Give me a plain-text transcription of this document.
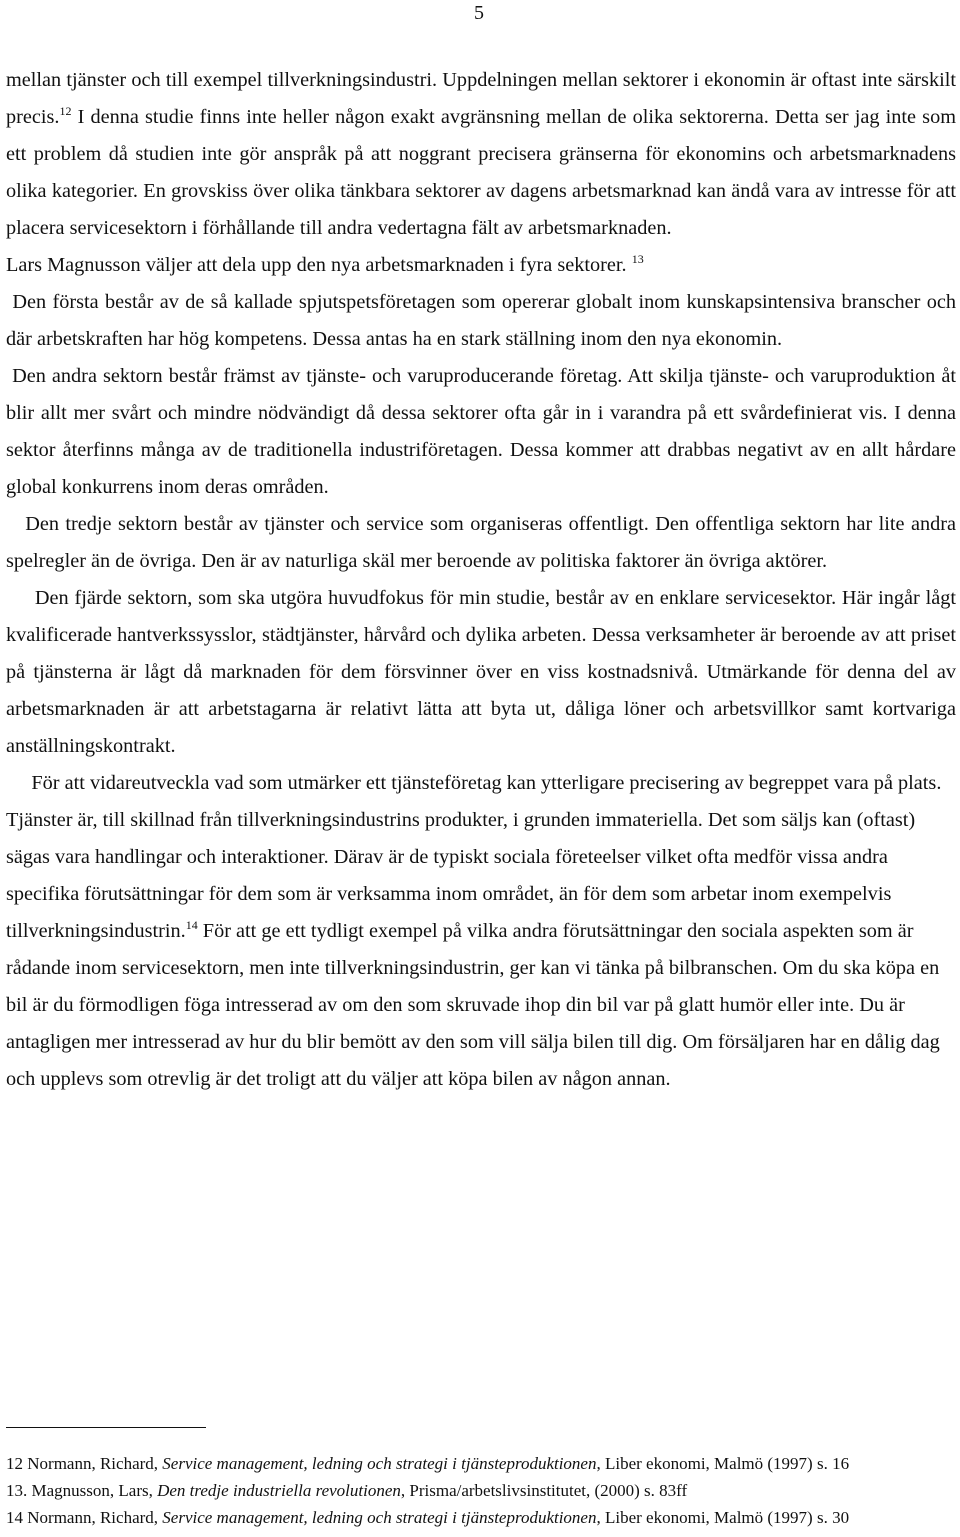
5

mellan tjänster och till exempel tillverkningsindustri. Uppdelningen mellan sektorer i ekonomin är oftast inte särskilt precis.$^{12}$ I denna studie finns inte heller någon exakt avgränsning mellan de olika sektorerna. Detta ser jag inte som ett problem då studien inte gör anspråk på att noggrant precisera gränserna för ekonomins och arbetsmarknadens olika kategorier. En grovskiss över olika tänkbara sektorer av dagens arbetsmarknad kan ändå vara av intresse för att placera servicesektorn i förhållande till andra vedertagna fält av arbetsmarknaden.

Lars Magnusson väljer att dela upp den nya arbetsmarknaden i fyra sektorer. $^{13}$

Den första består av de så kallade spjutspetsföretagen som opererar globalt inom kunskapsintensiva branscher och där arbetskraften har hög kompetens. Dessa antas ha en stark ställning inom den nya ekonomin.

Den andra sektorn består främst av tjänste- och varuproducerande företag. Att skilja tjänste- och varuproduktion åt blir allt mer svårt och mindre nödvändigt då dessa sektorer ofta går in i varandra på ett svårdefinierat vis. I denna sektor återfinns många av de traditionella industriföretagen. Dessa kommer att drabbas negativt av en allt hårdare global konkurrens inom deras områden.

Den tredje sektorn består av tjänster och service som organiseras offentligt. Den offentliga sektorn har lite andra spelregler än de övriga. Den är av naturliga skäl mer beroende av politiska faktorer än övriga aktörer.

Den fjärde sektorn, som ska utgöra huvudfokus för min studie, består av en enklare servicesektor. Här ingår lågt kvalificerade hantverkssysslor, städtjänster, hårvård och dylika arbeten. Dessa verksamheter är beroende av att priset på tjänsterna är lågt då marknaden för dem försvinner över en viss kostnadsnivå. Utmärkande för denna del av arbetsmarknaden är att arbetstagarna är relativt lätta att byta ut, dåliga löner och arbetsvillkor samt kortvariga anställningskontrakt.

För att vidareutveckla vad som utmärker ett tjänsteföretag kan ytterligare precisering av begreppet vara på plats. Tjänster är, till skillnad från tillverkningsindustrins produkter, i grunden immateriella. Det som säljs kan (oftast) sägas vara handlingar och interaktioner. Därav är de typiskt sociala företeelser vilket ofta medför vissa andra specifika förutsättningar för dem som är verksamma inom området, än för dem som arbetar inom exempelvis tillverkningsindustrin.$^{14}$ För att ge ett tydligt exempel på vilka andra förutsättningar den sociala aspekten som är rådande inom servicesektorn, men inte tillverkningsindustrin, ger kan vi tänka på bilbranschen. Om du ska köpa en bil är du förmodligen föga intresserad av om den som skruvade ihop din bil var på glatt humör eller inte. Du är antagligen mer intresserad av hur du blir bemött av den som vill sälja bilen till dig. Om försäljaren har en dålig dag och upplevs som otrevlig är det troligt att du väljer att köpa bilen av någon annan.

12 Normann, Richard, Service management, ledning och strategi i tjänsteproduktionen, Liber ekonomi, Malmö (1997) s. 16
13. Magnusson, Lars, Den tredje industriella revolutionen, Prisma/arbetslivsinstitutet, (2000) s. 83ff
14 Normann, Richard, Service management, ledning och strategi i tjänsteproduktionen, Liber ekonomi, Malmö (1997) s. 30
